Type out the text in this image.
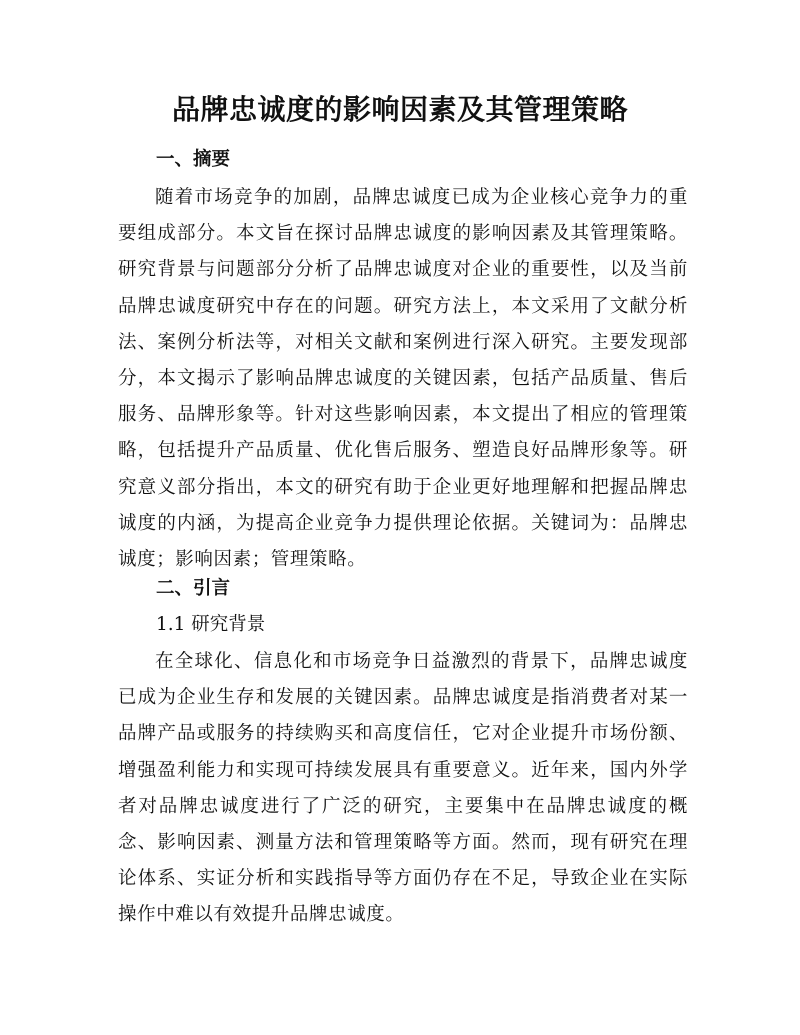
品牌忠诚度的影响因素及其管理策略
一、摘要
随着市场竞争的加剧，品牌忠诚度已成为企业核心竞争力的重要组成部分。本文旨在探讨品牌忠诚度的影响因素及其管理策略。研究背景与问题部分分析了品牌忠诚度对企业的重要性，以及当前品牌忠诚度研究中存在的问题。研究方法上，本文采用了文献分析法、案例分析法等，对相关文献和案例进行深入研究。主要发现部分，本文揭示了影响品牌忠诚度的关键因素，包括产品质量、售后服务、品牌形象等。针对这些影响因素，本文提出了相应的管理策略，包括提升产品质量、优化售后服务、塑造良好品牌形象等。研究意义部分指出，本文的研究有助于企业更好地理解和把握品牌忠诚度的内涵，为提高企业竞争力提供理论依据。关键词为：品牌忠诚度；影响因素；管理策略。
二、引言
1.1 研究背景
在全球化、信息化和市场竞争日益激烈的背景下，品牌忠诚度已成为企业生存和发展的关键因素。品牌忠诚度是指消费者对某一品牌产品或服务的持续购买和高度信任，它对企业提升市场份额、增强盈利能力和实现可持续发展具有重要意义。近年来，国内外学者对品牌忠诚度进行了广泛的研究，主要集中在品牌忠诚度的概念、影响因素、测量方法和管理策略等方面。然而，现有研究在理论体系、实证分析和实践指导等方面仍存在不足，导致企业在实际操作中难以有效提升品牌忠诚度。
